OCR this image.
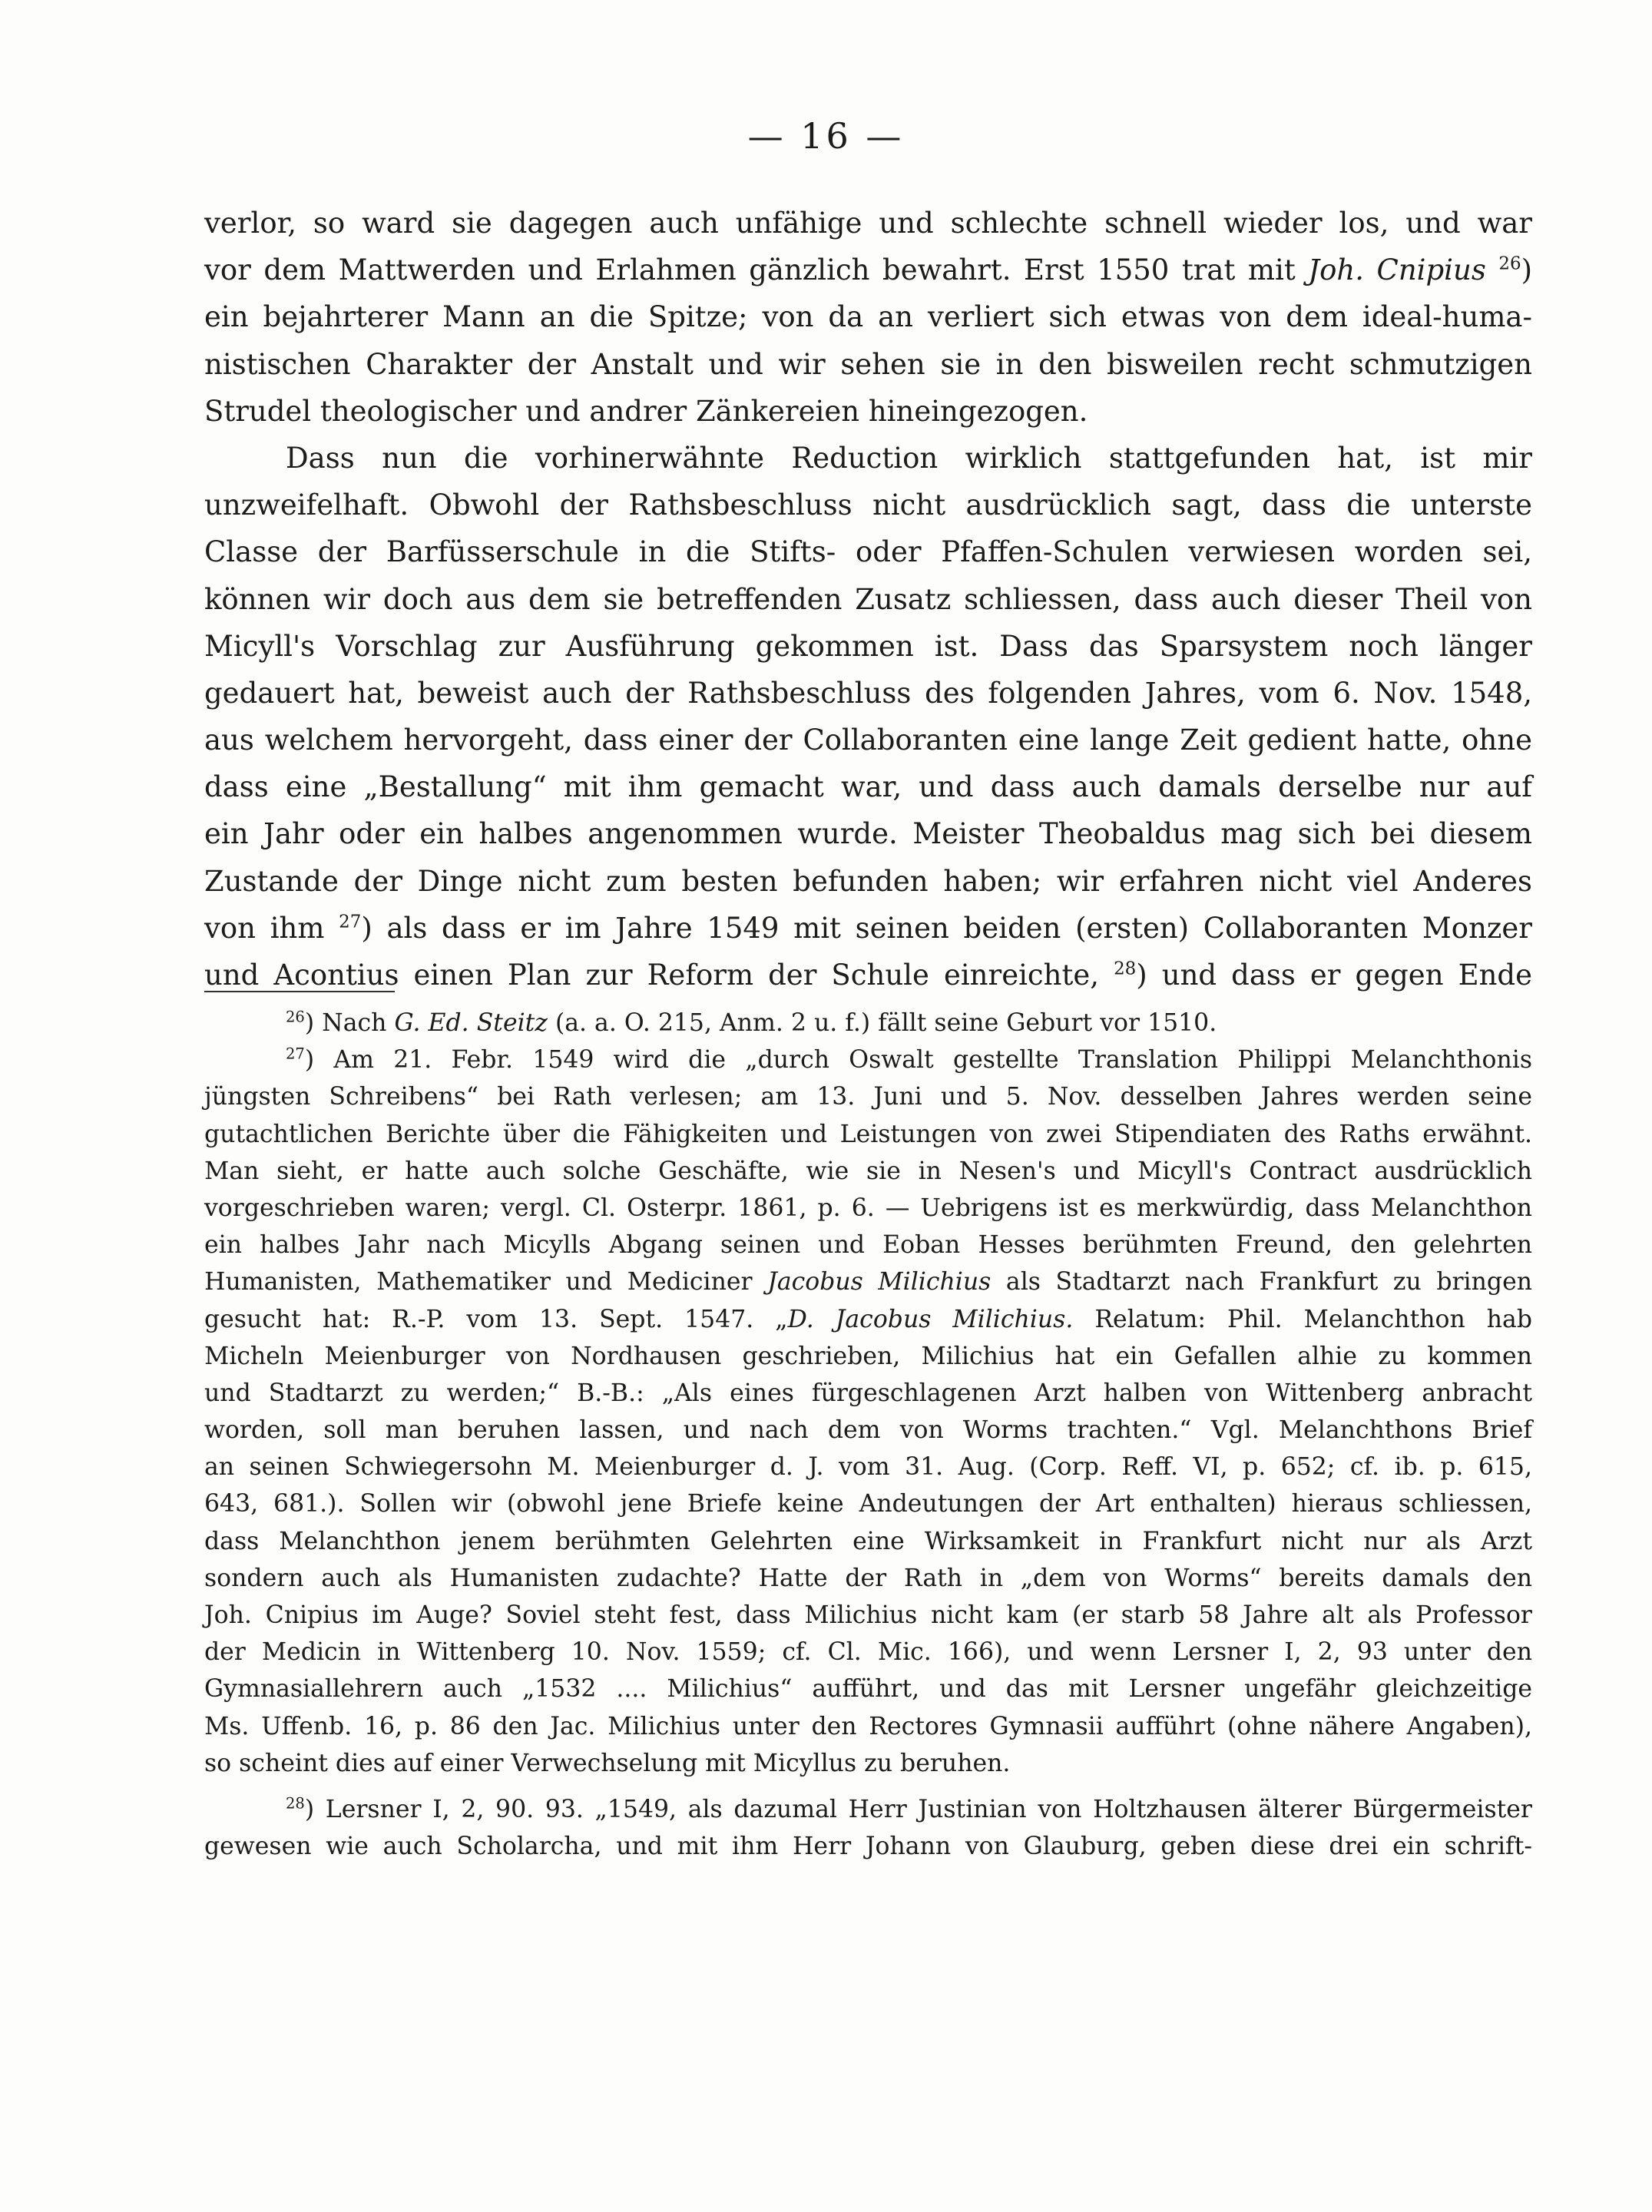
— 16 —
verlor, so ward sie dagegen auch unfähige und schlechte schnell wieder los, und war
vor dem Mattwerden und Erlahmen gänzlich bewahrt. Erst 1550 trat mit Joh. Cnipius $^{26}$)
ein bejahrterer Mann an die Spitze; von da an verliert sich etwas von dem ideal-huma-
nistischen Charakter der Anstalt und wir sehen sie in den bisweilen recht schmutzigen
Strudel theologischer und andrer Zänkereien hineingezogen.
Dass nun die vorhinerwähnte Reduction wirklich stattgefunden hat, ist mir
unzweifelhaft. Obwohl der Rathsbeschluss nicht ausdrücklich sagt, dass die unterste
Classe der Barfüsserschule in die Stifts- oder Pfaffen-Schulen verwiesen worden sei,
können wir doch aus dem sie betreffenden Zusatz schliessen, dass auch dieser Theil von
Micyll's Vorschlag zur Ausführung gekommen ist. Dass das Sparsystem noch länger
gedauert hat, beweist auch der Rathsbeschluss des folgenden Jahres, vom 6. Nov. 1548,
aus welchem hervorgeht, dass einer der Collaboranten eine lange Zeit gedient hatte, ohne
dass eine „Bestallung“ mit ihm gemacht war, und dass auch damals derselbe nur auf
ein Jahr oder ein halbes angenommen wurde. Meister Theobaldus mag sich bei diesem
Zustande der Dinge nicht zum besten befunden haben; wir erfahren nicht viel Anderes
von ihm $^{27}$) als dass er im Jahre 1549 mit seinen beiden (ersten) Collaboranten Monzer
und Acontius einen Plan zur Reform der Schule einreichte, $^{28}$) und dass er gegen Ende
$^{26}$) Nach G. Ed. Steitz (a. a. O. 215, Anm. 2 u. f.) fällt seine Geburt vor 1510.
$^{27}$) Am 21. Febr. 1549 wird die „durch Oswalt gestellte Translation Philippi Melanchthonis
jüngsten Schreibens“ bei Rath verlesen; am 13. Juni und 5. Nov. desselben Jahres werden seine
gutachtlichen Berichte über die Fähigkeiten und Leistungen von zwei Stipendiaten des Raths erwähnt.
Man sieht, er hatte auch solche Geschäfte, wie sie in Nesen's und Micyll's Contract ausdrücklich
vorgeschrieben waren; vergl. Cl. Osterpr. 1861, p. 6. — Uebrigens ist es merkwürdig, dass Melanchthon
ein halbes Jahr nach Micylls Abgang seinen und Eoban Hesses berühmten Freund, den gelehrten
Humanisten, Mathematiker und Mediciner Jacobus Milichius als Stadtarzt nach Frankfurt zu bringen
gesucht hat: R.-P. vom 13. Sept. 1547. „D. Jacobus Milichius. Relatum: Phil. Melanchthon hab
Micheln Meienburger von Nordhausen geschrieben, Milichius hat ein Gefallen alhie zu kommen
und Stadtarzt zu werden;“ B.-B.: „Als eines fürgeschlagenen Arzt halben von Wittenberg anbracht
worden, soll man beruhen lassen, und nach dem von Worms trachten.“ Vgl. Melanchthons Brief
an seinen Schwiegersohn M. Meienburger d. J. vom 31. Aug. (Corp. Reff. VI, p. 652; cf. ib. p. 615,
643, 681.). Sollen wir (obwohl jene Briefe keine Andeutungen der Art enthalten) hieraus schliessen,
dass Melanchthon jenem berühmten Gelehrten eine Wirksamkeit in Frankfurt nicht nur als Arzt
sondern auch als Humanisten zudachte? Hatte der Rath in „dem von Worms“ bereits damals den
Joh. Cnipius im Auge? Soviel steht fest, dass Milichius nicht kam (er starb 58 Jahre alt als Professor
der Medicin in Wittenberg 10. Nov. 1559; cf. Cl. Mic. 166), und wenn Lersner I, 2, 93 unter den
Gymnasiallehrern auch „1532 .... Milichius“ aufführt, und das mit Lersner ungefähr gleichzeitige
Ms. Uffenb. 16, p. 86 den Jac. Milichius unter den Rectores Gymnasii aufführt (ohne nähere Angaben),
so scheint dies auf einer Verwechselung mit Micyllus zu beruhen.
$^{28}$) Lersner I, 2, 90. 93. „1549, als dazumal Herr Justinian von Holtzhausen älterer Bürgermeister
gewesen wie auch Scholarcha, und mit ihm Herr Johann von Glauburg, geben diese drei ein schrift-
